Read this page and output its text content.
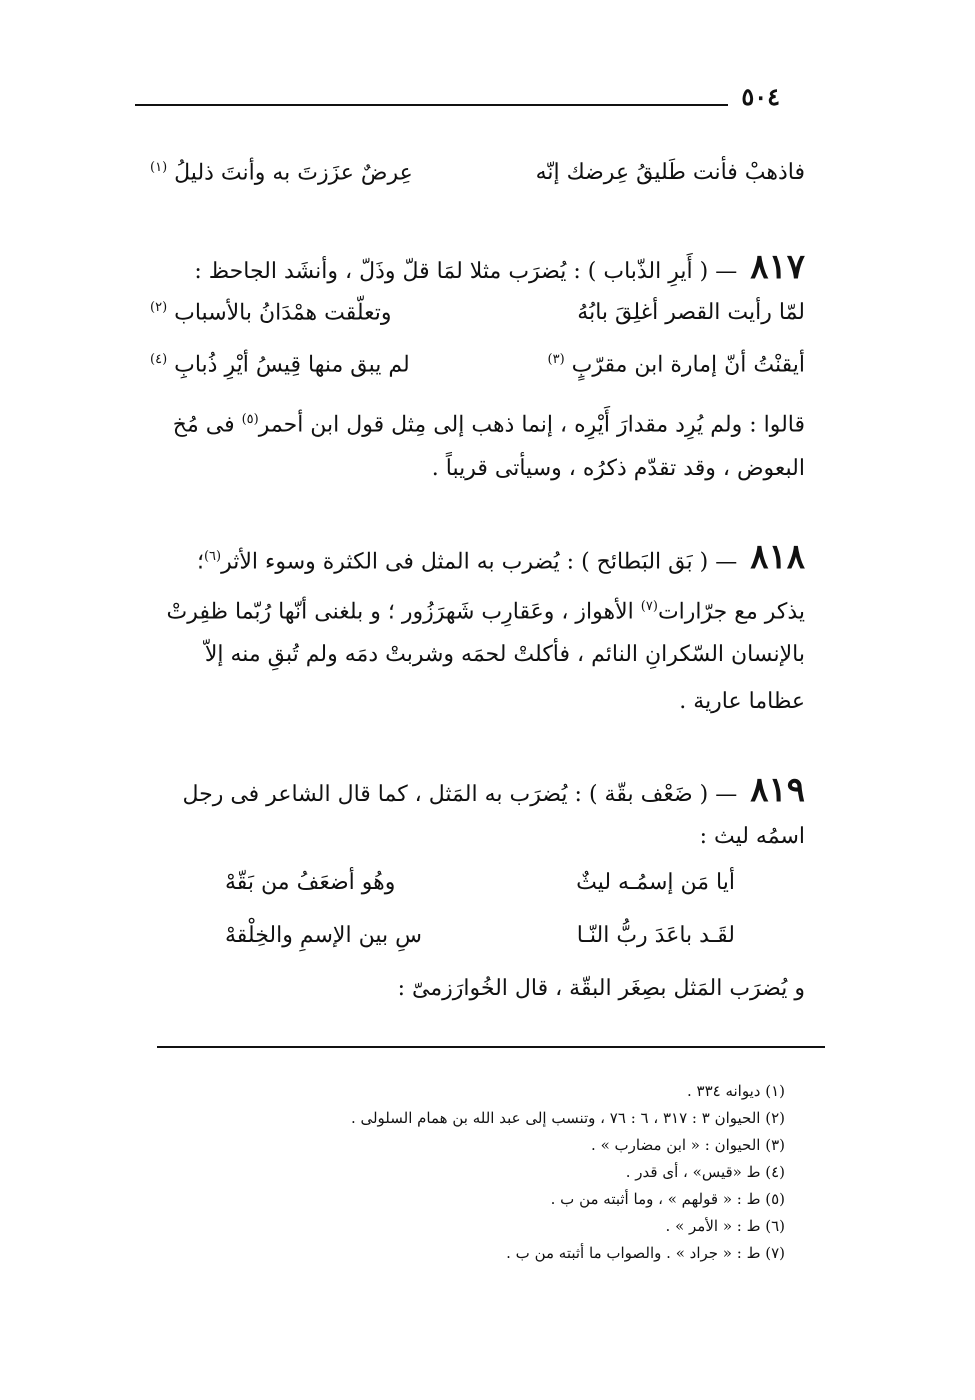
٥٠٤
فاذهبْ فأنت طَليقُ عِرضك إنّه
عِرضٌ عزَزتَ به وأنتَ ذليلُ $^{(١)}$
٨١٧ — ( أَيرِ الذّباب ) : يُضرَب مثلا لمَا قلّ وذَلّ ، وأنشَد الجاحظ :
لمّا رأيت القصر أغلِقَ بابُهُ
وتعلّقت همْدَانُ بالأسباب $^{(٢)}$
أيقنْتُ أنّ إمارة ابن مقرّبٍ $^{(٣)}$
لم يبق منها قِيسُ أيْرِ ذُبابِ $^{(٤)}$
قالوا : ولم يُرِد مقدارَ أَيْرِه ، إنما ذهب إلى مِثل قول ابن أحمر$^{(٥)}$ فى مُخ
البعوض ، وقد تقدّم ذكرُه ، وسيأتى قريباً .
٨١٨ — ( بَق البَطائح ) : يُضرب به المثل فى الكثرة وسوء الأثر$^{(٦)}$؛
يذكر مع جرّارات$^{(٧)}$ الأهواز ، وعَقارِب شَهرَزُور ؛ و بلغنى أنّها رُبّما ظفِرتْ
بالإنسان السّكرانِ النائم ، فأكلتْ لحمَه وشربتْ دمَه ولم تُبقِ منه إلاّ
عظاما عارية .
٨١٩ — ( ضَعْف بقّة ) : يُضرَب به المَثل ، كما قال الشاعر فى رجل
اسمُه ليث :
أيا مَن إسمُـه ليثٌ
وهُو أضعَفُ من بَقّهْ
لقَـد باعَدَ ربُّ النّـا
سِ بين الإسمِ والخِلْقهْ
و يُضرَب المَثل بصِغَر البقّة ، قال الخُوارَزمىّ :
(١) ديوانه ٣٣٤ .
(٢) الحيوان ٣ : ٣١٧ ، ٦ : ٧٦ ، وتنسب إلى عبد الله بن همام السلولى .
(٣) الحيوان : « ابن مضارب » .
(٤) ط «قيس» ، أى قدر .
(٥) ط : « قولهم » ، وما أثبته من ب .
(٦) ط : « الأمر » .
(٧) ط : « جراد » . والصواب ما أثبته من ب .
